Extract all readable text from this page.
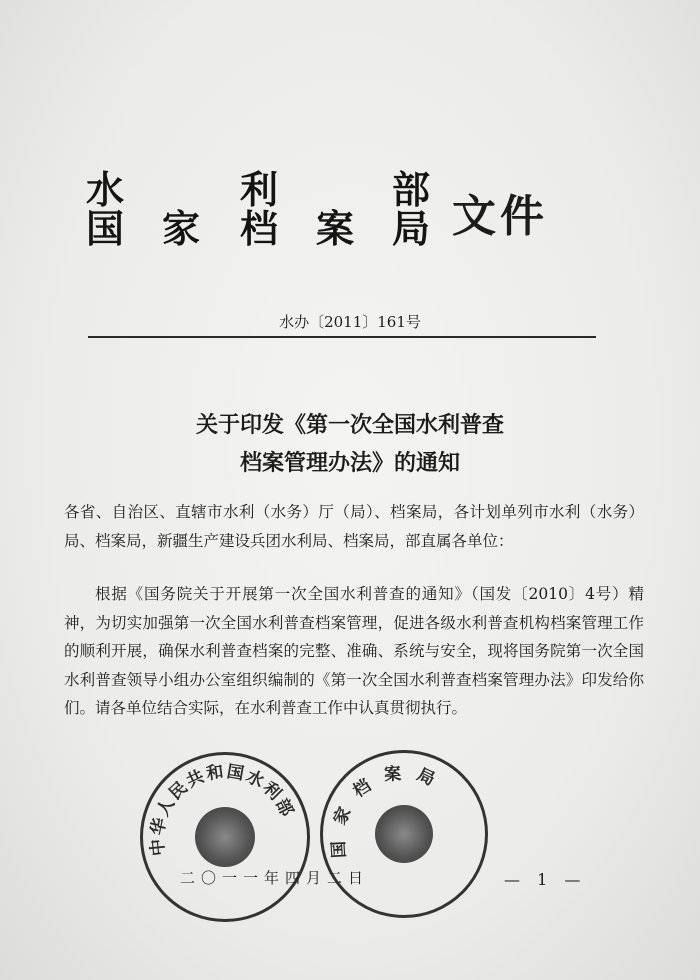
水	利	部
国 家 档 案 局 文件
水办〔2011〕161号
关于印发《第一次全国水利普查
档案管理办法》的通知
各省、自治区、直辖市水利（水务）厅（局）、档案局，各计划单列市水利（水务）局、档案局，新疆生产建设兵团水利局、档案局，部直属各单位：
根据《国务院关于开展第一次全国水利普查的通知》（国发〔2010〕4号）精神，为切实加强第一次全国水利普查档案管理，促进各级水利普查机构档案管理工作的顺利开展，确保水利普查档案的完整、准确、系统与安全，现将国务院第一次全国水利普查领导小组办公室组织编制的《第一次全国水利普查档案管理办法》印发给你们。请各单位结合实际，在水利普查工作中认真贯彻执行。
中华人民共和国水利部
国家档案局
二〇一一年四月二日	— 1 —
